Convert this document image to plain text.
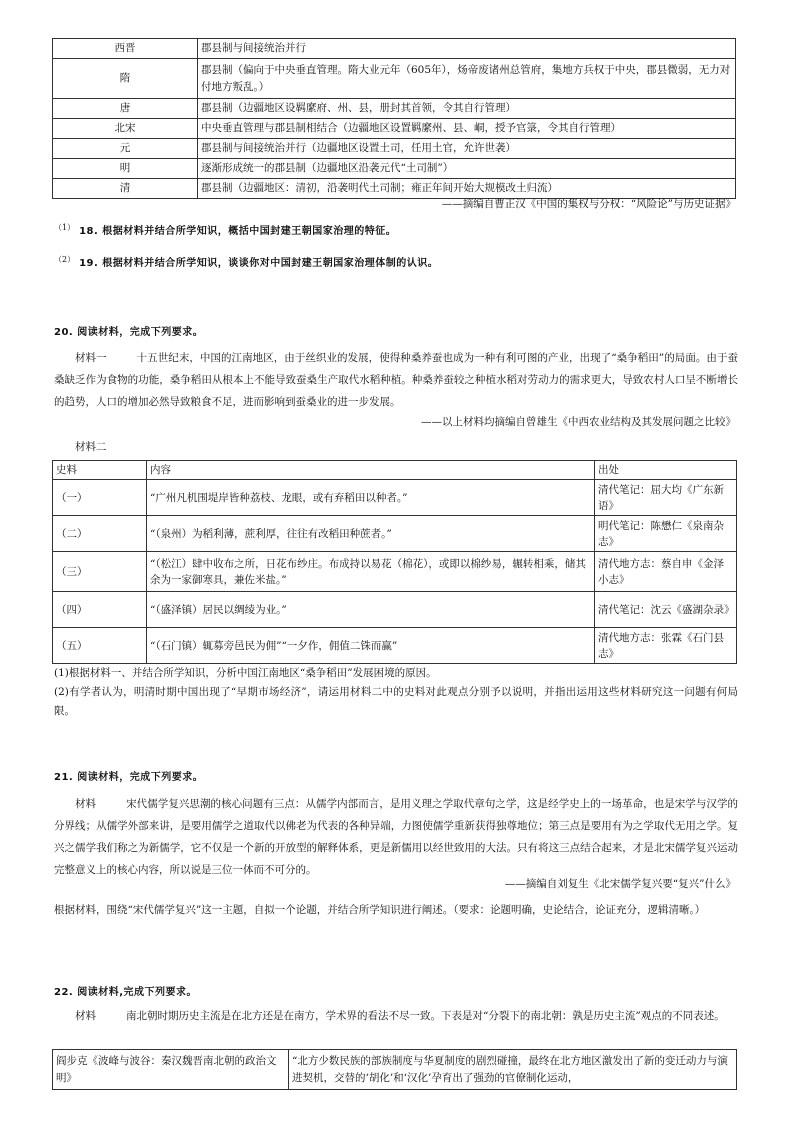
西晋	郡县制与间接统治并行
隋	郡县制（偏向于中央垂直管理。隋大业元年（605年），炀帝废诸州总管府，集地方兵权于中央，郡县微弱，无力对付地方叛乱。）
唐	郡县制（边疆地区设羁縻府、州、县，册封其首领，令其自行管理）
北宋	中央垂直管理与郡县制相结合（边疆地区设置羁縻州、县、峒，授予官箓，令其自行管理）
元	郡县制与间接统治并行（边疆地区设置土司，任用土官，允许世袭）
明	逐渐形成统一的郡县制（边疆地区沿袭元代“土司制”）
清	郡县制（边疆地区：清初，沿袭明代土司制；雍正年间开始大规模改土归流）
——摘编自曹正汉《中国的集权与分权：“风险论”与历史证据》
$^{(1)}$ 18. 根据材料并结合所学知识，概括中国封建王朝国家治理的特征。
$^{(2)}$ 19. 根据材料并结合所学知识，谈谈你对中国封建王朝国家治理体制的认识。
20. 阅读材料，完成下列要求。
材料一	十五世纪末，中国的江南地区，由于丝织业的发展，使得种桑养蚕也成为一种有利可图的产业，出现了“桑争稻田”的局面。由于蚕桑缺乏作为食物的功能，桑争稻田从根本上不能导致蚕桑生产取代水稻种植。种桑养蚕较之种植水稻对劳动力的需求更大，导致农村人口呈不断增长的趋势，人口的增加必然导致粮食不足，进而影响到蚕桑业的进一步发展。
——以上材料均摘编自曾雄生《中西农业结构及其发展问题之比较》
材料二
史料	内容	出处
（一）	“广州凡机围堤岸皆种荔枝、龙眼，或有弃稻田以种者。”	清代笔记：屈大均《广东新语》
（二）	“（泉州）为稻利薄，蔗利厚，往往有改稻田种蔗者。”	明代笔记：陈懋仁《泉南杂志》
（三）	“（松江）肆中收布之所，日花布纱庄。布成持以易花（棉花），或即以棉纱易，辗转相乘，储其余为一家御寒具，兼佐米盐。”	清代地方志：蔡自申《金泽小志》
（四）	“（盛泽镇）居民以绸绫为业。”	清代笔记：沈云《盛湖杂录》
（五）	“（石门镇）辄募旁邑民为佣”“一夕作，佣值二铢而赢”	清代地方志：张霖《石门县志》
(1)根据材料一、并结合所学知识，分析中国江南地区“桑争稻田”发展困境的原因。
(2)有学者认为，明清时期中国出现了“早期市场经济”，请运用材料二中的史料对此观点分别予以说明，并指出运用这些材料研究这一问题有何局限。
21. 阅读材料，完成下列要求。
材料	宋代儒学复兴思潮的核心问题有三点：从儒学内部而言，是用义理之学取代章句之学，这是经学史上的一场革命，也是宋学与汉学的分界线；从儒学外部来讲，是要用儒学之道取代以佛老为代表的各种异端，力图使儒学重新获得独尊地位；第三点是要用有为之学取代无用之学。复兴之儒学我们称之为新儒学，它不仅是一个新的开放型的解释体系，更是新儒用以经世致用的大法。只有将这三点结合起来，才是北宋儒学复兴运动完整意义上的核心内容，所以说是三位一体而不可分的。
——摘编自刘复生《北宋儒学复兴要“复兴”什么》
根据材料，围绕“宋代儒学复兴”这一主题，自拟一个论题，并结合所学知识进行阐述。（要求：论题明确，史论结合，论证充分，逻辑清晰。）
22. 阅读材料,完成下列要求。
材料	南北朝时期历史主流是在北方还是在南方，学术界的看法不尽一致。下表是对“分裂下的南北朝：孰是历史主流”观点的不同表述。
阎步克《波峰与波谷：秦汉魏晋南北朝的政治文明》	“北方少数民族的部族制度与华夏制度的剧烈碰撞，最终在北方地区激发出了新的变迁动力与演进契机，交替的‘胡化’和‘汉化’孕育出了强劲的官僚制化运动，
